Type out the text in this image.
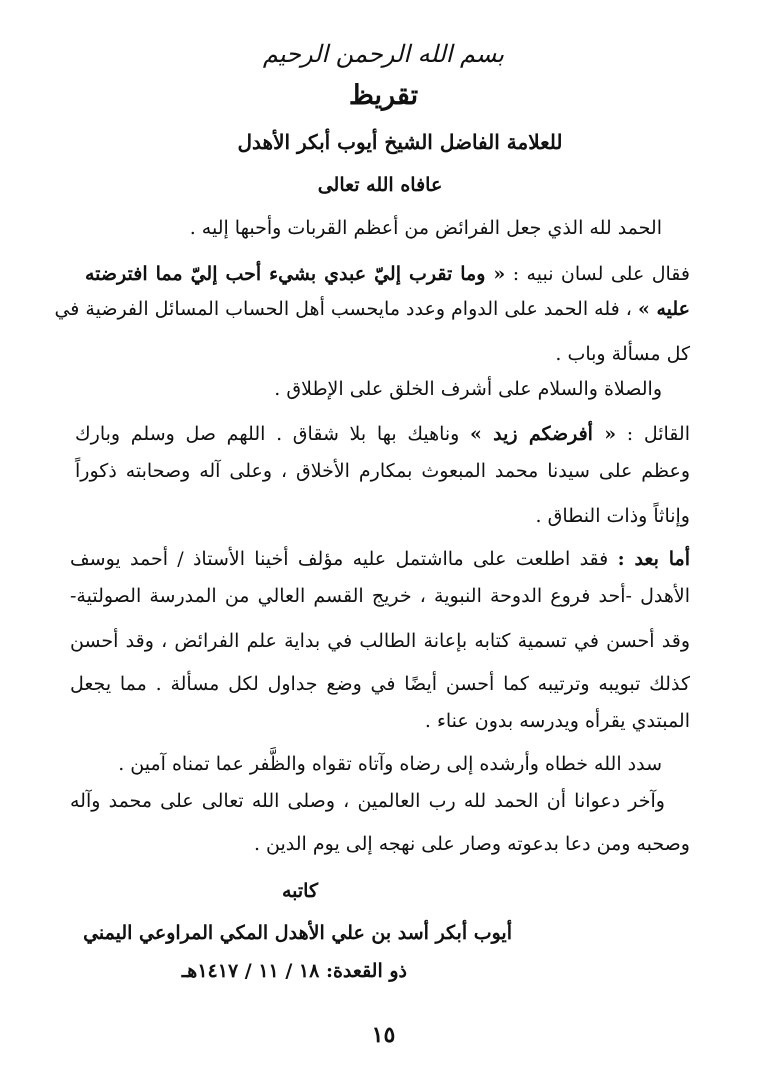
بسم الله الرحمن الرحيم
تقريظ
للعلامة الفاضل الشيخ أيوب أبكر الأهدل
عافاه الله تعالى
الحمد لله الذي جعل الفرائض من أعظم القربات وأحبها إليه .
فقال على لسان نبيه : « وما تقرب إليّ عبدي بشيء أحب إليّ مما افترضته
عليه » ، فله الحمد على الدوام وعدد مايحسب أهل الحساب المسائل الفرضية في
كل مسألة وباب .
والصلاة والسلام على أشرف الخلق على الإطلاق .
القائل : « أفرضكم زيد » وناهيك بها بلا شقاق . اللهم صل وسلم وبارك
وعظم على سيدنا محمد المبعوث بمكارم الأخلاق ، وعلى آله وصحابته ذكوراً
وإناثاً وذات النطاق .
أما بعد : فقد اطلعت على مااشتمل عليه مؤلف أخينا الأستاذ / أحمد يوسف
الأهدل -أحد فروع الدوحة النبوية ، خريج القسم العالي من المدرسة الصولتية-
وقد أحسن في تسمية كتابه بإعانة الطالب في بداية علم الفرائض ، وقد أحسن
كذلك تبويبه وترتيبه كما أحسن أيضًا في وضع جداول لكل مسألة . مما يجعل
المبتدي يقرأه ويدرسه بدون عناء .
سدد الله خطاه وأرشده إلى رضاه وآتاه تقواه والظَّفر عما تمناه آمين .
وآخر دعوانا أن الحمد لله رب العالمين ، وصلى الله تعالى على محمد وآله
وصحبه ومن دعا بدعوته وصار على نهجه إلى يوم الدين .
كاتبه
أيوب أبكر أسد بن علي الأهدل المكي المراوعي اليمني
ذو القعدة: ١٨ / ١١ / ١٤١٧هـ
١٥
